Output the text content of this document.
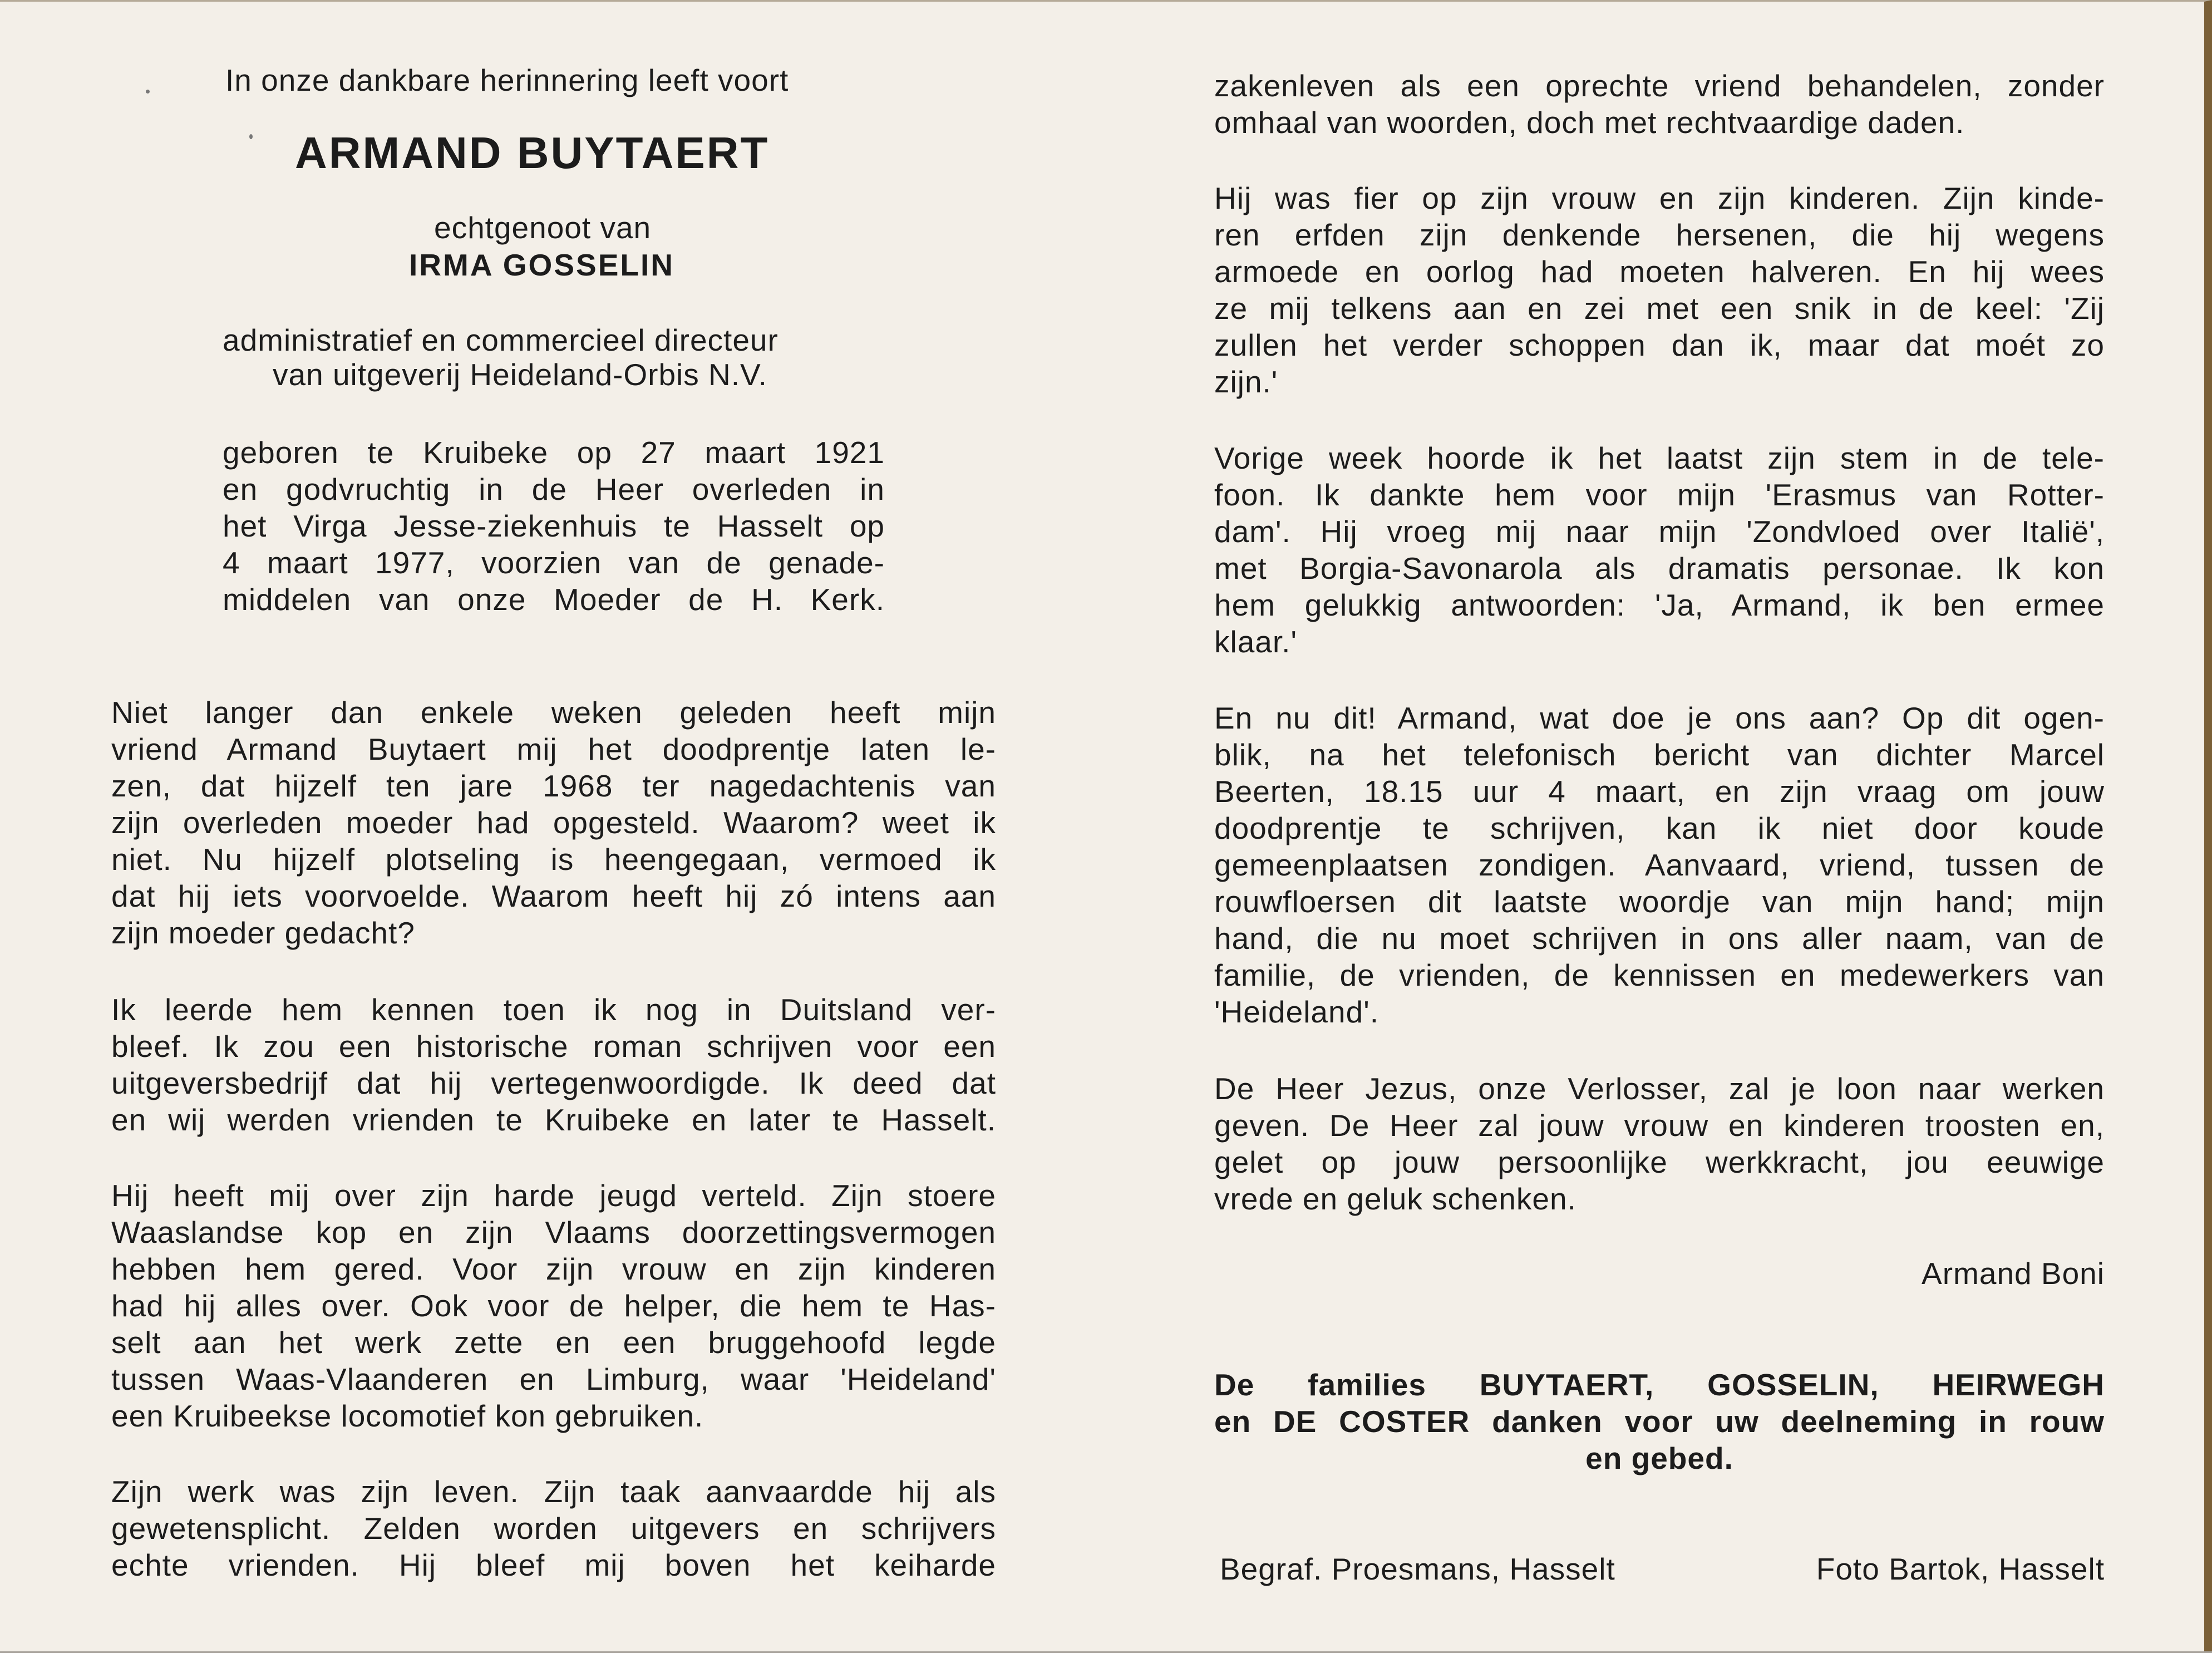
In onze dankbare herinnering leeft voort
ARMAND BUYTAERT
echtgenoot van
IRMA GOSSELIN
administratief en commercieel directeur
van uitgeverij Heideland-Orbis N.V.
geboren te Kruibeke op 27 maart 1921
en godvruchtig in de Heer overleden in
het Virga Jesse-ziekenhuis te Hasselt op
4 maart 1977, voorzien van de genade-
middelen van onze Moeder de H. Kerk.
Niet langer dan enkele weken geleden heeft mijn
vriend Armand Buytaert mij het doodprentje laten le-
zen, dat hijzelf ten jare 1968 ter nagedachtenis van
zijn overleden moeder had opgesteld. Waarom? weet ik
niet. Nu hijzelf plotseling is heengegaan, vermoed ik
dat hij iets voorvoelde. Waarom heeft hij zó intens aan
zijn moeder gedacht?
Ik leerde hem kennen toen ik nog in Duitsland ver-
bleef. Ik zou een historische roman schrijven voor een
uitgeversbedrijf dat hij vertegenwoordigde. Ik deed dat
en wij werden vrienden te Kruibeke en later te Hasselt.
Hij heeft mij over zijn harde jeugd verteld. Zijn stoere
Waaslandse kop en zijn Vlaams doorzettingsvermogen
hebben hem gered. Voor zijn vrouw en zijn kinderen
had hij alles over. Ook voor de helper, die hem te Has-
selt aan het werk zette en een bruggehoofd legde
tussen Waas-Vlaanderen en Limburg, waar 'Heideland'
een Kruibeekse locomotief kon gebruiken.
Zijn werk was zijn leven. Zijn taak aanvaardde hij als
gewetensplicht. Zelden worden uitgevers en schrijvers
echte vrienden. Hij bleef mij boven het keiharde
zakenleven als een oprechte vriend behandelen, zonder
omhaal van woorden, doch met rechtvaardige daden.
Hij was fier op zijn vrouw en zijn kinderen. Zijn kinde-
ren erfden zijn denkende hersenen, die hij wegens
armoede en oorlog had moeten halveren. En hij wees
ze mij telkens aan en zei met een snik in de keel: 'Zij
zullen het verder schoppen dan ik, maar dat moét zo
zijn.'
Vorige week hoorde ik het laatst zijn stem in de tele-
foon. Ik dankte hem voor mijn 'Erasmus van Rotter-
dam'. Hij vroeg mij naar mijn 'Zondvloed over Italië',
met Borgia-Savonarola als dramatis personae. Ik kon
hem gelukkig antwoorden: 'Ja, Armand, ik ben ermee
klaar.'
En nu dit! Armand, wat doe je ons aan? Op dit ogen-
blik, na het telefonisch bericht van dichter Marcel
Beerten, 18.15 uur 4 maart, en zijn vraag om jouw
doodprentje te schrijven, kan ik niet door koude
gemeenplaatsen zondigen. Aanvaard, vriend, tussen de
rouwfloersen dit laatste woordje van mijn hand; mijn
hand, die nu moet schrijven in ons aller naam, van de
familie, de vrienden, de kennissen en medewerkers van
'Heideland'.
De Heer Jezus, onze Verlosser, zal je loon naar werken
geven. De Heer zal jouw vrouw en kinderen troosten en,
gelet op jouw persoonlijke werkkracht, jou eeuwige
vrede en geluk schenken.
Armand Boni
De families BUYTAERT, GOSSELIN, HEIRWEGH
en DE COSTER danken voor uw deelneming in rouw
en gebed.
Begraf. Proesmans, Hasselt	Foto Bartok, Hasselt
